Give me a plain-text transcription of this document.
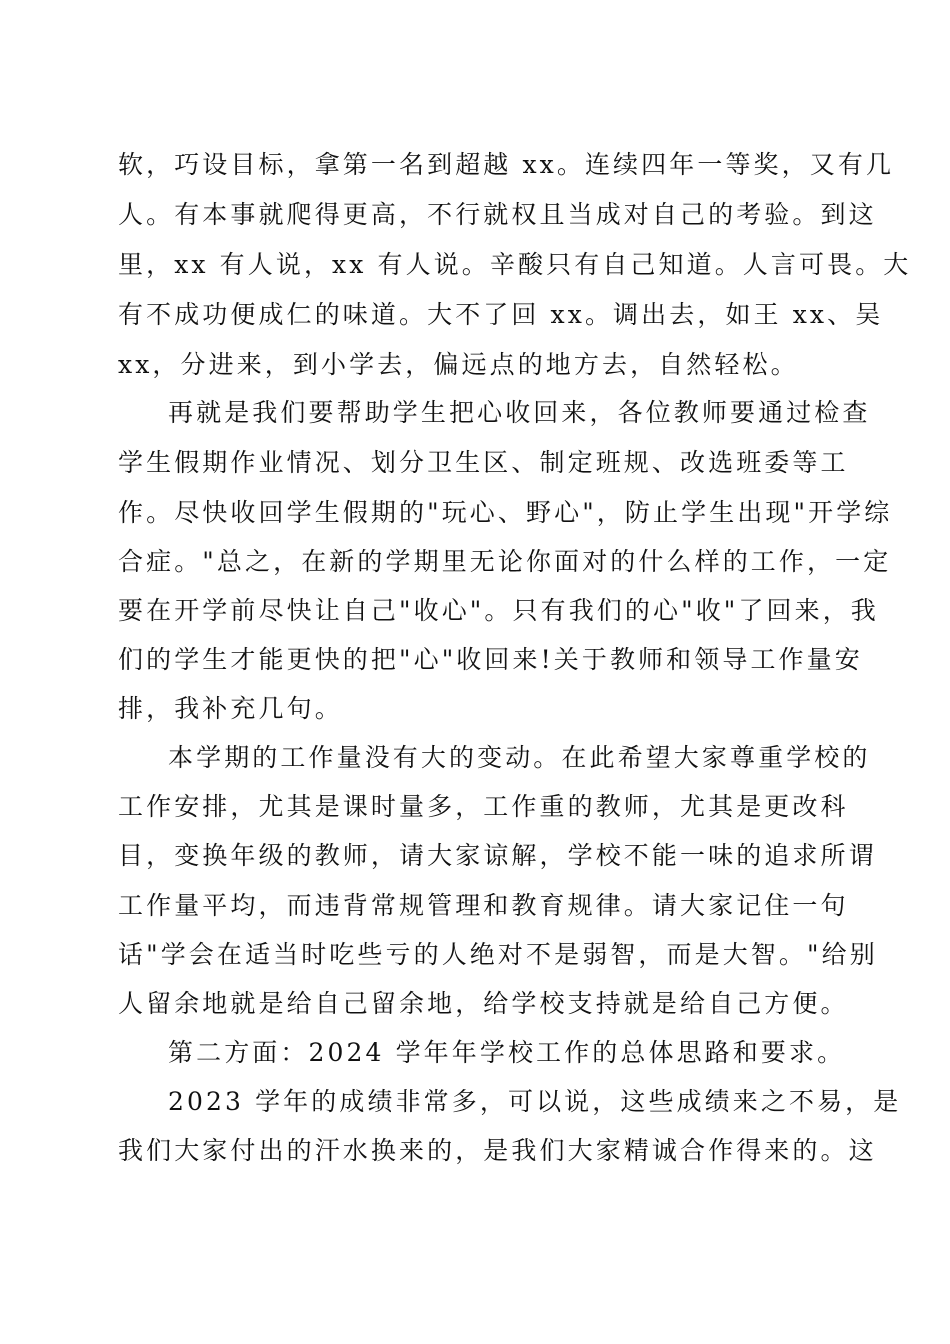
软，巧设目标，拿第一名到超越 xx。连续四年一等奖，又有几
人。有本事就爬得更高，不行就权且当成对自己的考验。到这
里，xx 有人说，xx 有人说。辛酸只有自己知道。人言可畏。大
有不成功便成仁的味道。大不了回 xx。调出去，如王 xx、吴
xx，分进来，到小学去，偏远点的地方去，自然轻松。
再就是我们要帮助学生把心收回来，各位教师要通过检查
学生假期作业情况、划分卫生区、制定班规、改选班委等工
作。尽快收回学生假期的"玩心、野心"，防止学生出现"开学综
合症。"总之，在新的学期里无论你面对的什么样的工作，一定
要在开学前尽快让自己"收心"。只有我们的心"收"了回来，我
们的学生才能更快的把"心"收回来!关于教师和领导工作量安
排，我补充几句。
本学期的工作量没有大的变动。在此希望大家尊重学校的
工作安排，尤其是课时量多，工作重的教师，尤其是更改科
目，变换年级的教师，请大家谅解，学校不能一味的追求所谓
工作量平均，而违背常规管理和教育规律。请大家记住一句
话"学会在适当时吃些亏的人绝对不是弱智，而是大智。"给别
人留余地就是给自己留余地，给学校支持就是给自己方便。
第二方面：2024 学年年学校工作的总体思路和要求。
2023 学年的成绩非常多，可以说，这些成绩来之不易，是
我们大家付出的汗水换来的，是我们大家精诚合作得来的。这
